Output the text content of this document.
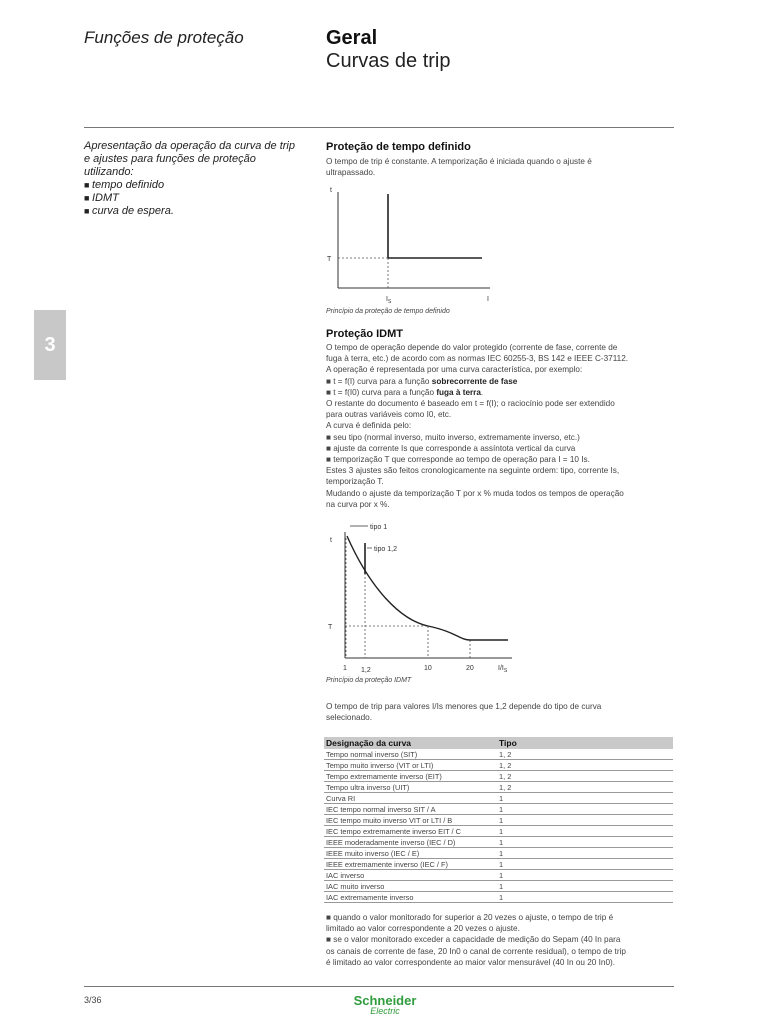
Funções de proteção	Geral
Curvas de trip
3
Apresentação da operação da curva de trip
e ajustes para funções de proteção
utilizando:
■ tempo definido
■ IDMT
■ curva de espera.
Proteção de tempo definido

O tempo de trip é constante. A temporização é iniciada quando o ajuste é

ultrapassado.

t
T
$I_S$	I
Princípio da proteção de tempo definido
Proteção IDMT

O tempo de operação depende do valor protegido (corrente de fase, corrente de

fuga à terra, etc.) de acordo com as normas IEC 60255-3, BS 142 e IEEE C-37112.

A operação é representada por uma curva característica, por exemplo:

■ t = f(I) curva para a função sobrecorrente de fase

■ t = f(I0) curva para a função fuga à terra.

O restante do documento é baseado em t = f(I); o raciocínio pode ser extendido

para outras variáveis como I0, etc.

A curva é definida pelo:

■ seu tipo (normal inverso, muito inverso, extremamente inverso, etc.)

■ ajuste da corrente Is que corresponde a assíntota vertical da curva

■ temporização T que corresponde ao tempo de operação para I = 10 Is.

Estes 3 ajustes são feitos cronologicamente na seguinte ordem: tipo, corrente Is,

temporização T.

Mudando o ajuste da temporização T por x % muda todos os tempos de operação

na curva por x %.

tipo 1
tipo 1,2
t
T
1 1,2	10	20	$I/I_S$
Princípio da proteção IDMT

O tempo de trip para valores I/Is menores que 1,2 depende do tipo de curva

selecionado.

Designação da curva	Tipo
Tempo normal inverso (SIT)	1, 2
Tempo muito inverso (VIT or LTI)	1, 2
Tempo extremamente inverso (EIT)	1, 2
Tempo ultra inverso (UIT)	1, 2
Curva RI	1
IEC tempo normal inverso SIT / A	1
IEC tempo muito inverso VIT or LTI / B	1
IEC tempo extremamente inverso EIT / C	1
IEEE moderadamente inverso (IEC / D)	1
IEEE muito inverso (IEC / E)	1
IEEE extremamente inverso (IEC / F)	1
IAC inverso	1
IAC muito inverso	1
IAC extremamente inverso	1

■ quando o valor monitorado for superior a 20 vezes o ajuste, o tempo de trip é

limitado ao valor correspondente a 20 vezes o ajuste.

■ se o valor monitorado exceder a capacidade de medição do Sepam (40 In para

os canais de corrente de fase, 20 In0 o canal de corrente residual), o tempo de trip

é limitado ao valor correspondente ao maior valor mensurável (40 In ou 20 In0).

3/36	Schneider
Electric
